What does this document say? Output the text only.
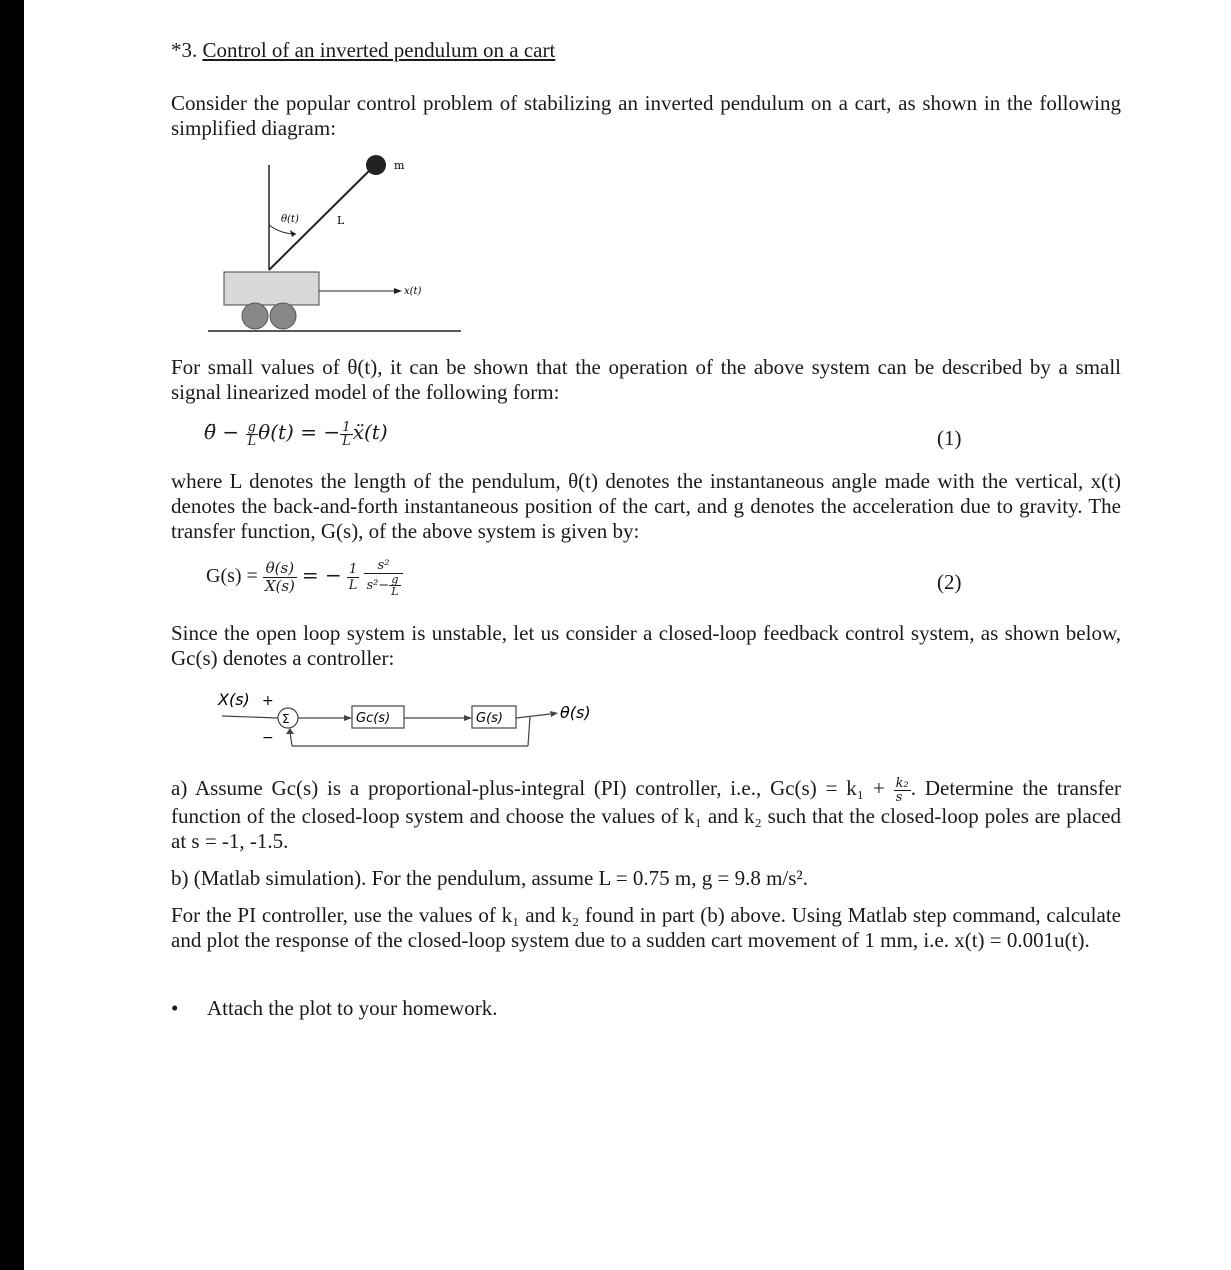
*3. Control of an inverted pendulum on a cart

Consider the popular control problem of stabilizing an inverted pendulum on a cart, as shown in the following simplified diagram:

m
θ(t)	L
x(t)

For small values of θ(t), it can be shown that the operation of the above system can be described by a small signal linearized model of the following form:

θ̈ − $\frac{g}{L} \theta(t)$ = − $\frac{1}{L}$ ẍ(t)	(1)

where L denotes the length of the pendulum, θ(t) denotes the instantaneous angle made with the vertical, x(t) denotes the back-and-forth instantaneous position of the cart, and g denotes the acceleration due to gravity. The transfer function, G(s), of the above system is given by:

$G(s) = \frac{\theta(s)}{X(s)}$ = − $\frac{1}{L}$
$\frac{\text{s²}}{s^2- \frac{g}{L}}$	(2)

Since the open loop system is unstable, let us consider a closed-loop feedback control system, as shown below, Gc(s) denotes a controller:

X(s) +
Σ
−
Gc(s)	G(s)	θ(s)

a) Assume Gc(s) is a proportional-plus-integral (PI) controller, i.e., $Gc(s) = k_1 + \frac{\text{k₂}}{s}$ . Determine the transfer function of the closed-loop system and choose the values of k₁ and k₂ such that the closed-loop poles are placed at s = -1, -1.5.

b) (Matlab simulation). For the pendulum, assume L = 0.75 m, g = 9.8 m/s².

For the PI controller, use the values of k₁ and k₂ found in part (b) above. Using Matlab step command, calculate and plot the response of the closed-loop system due to a sudden cart movement of 1 mm, i.e. x(t) = 0.001u(t).

• Attach the plot to your homework.
